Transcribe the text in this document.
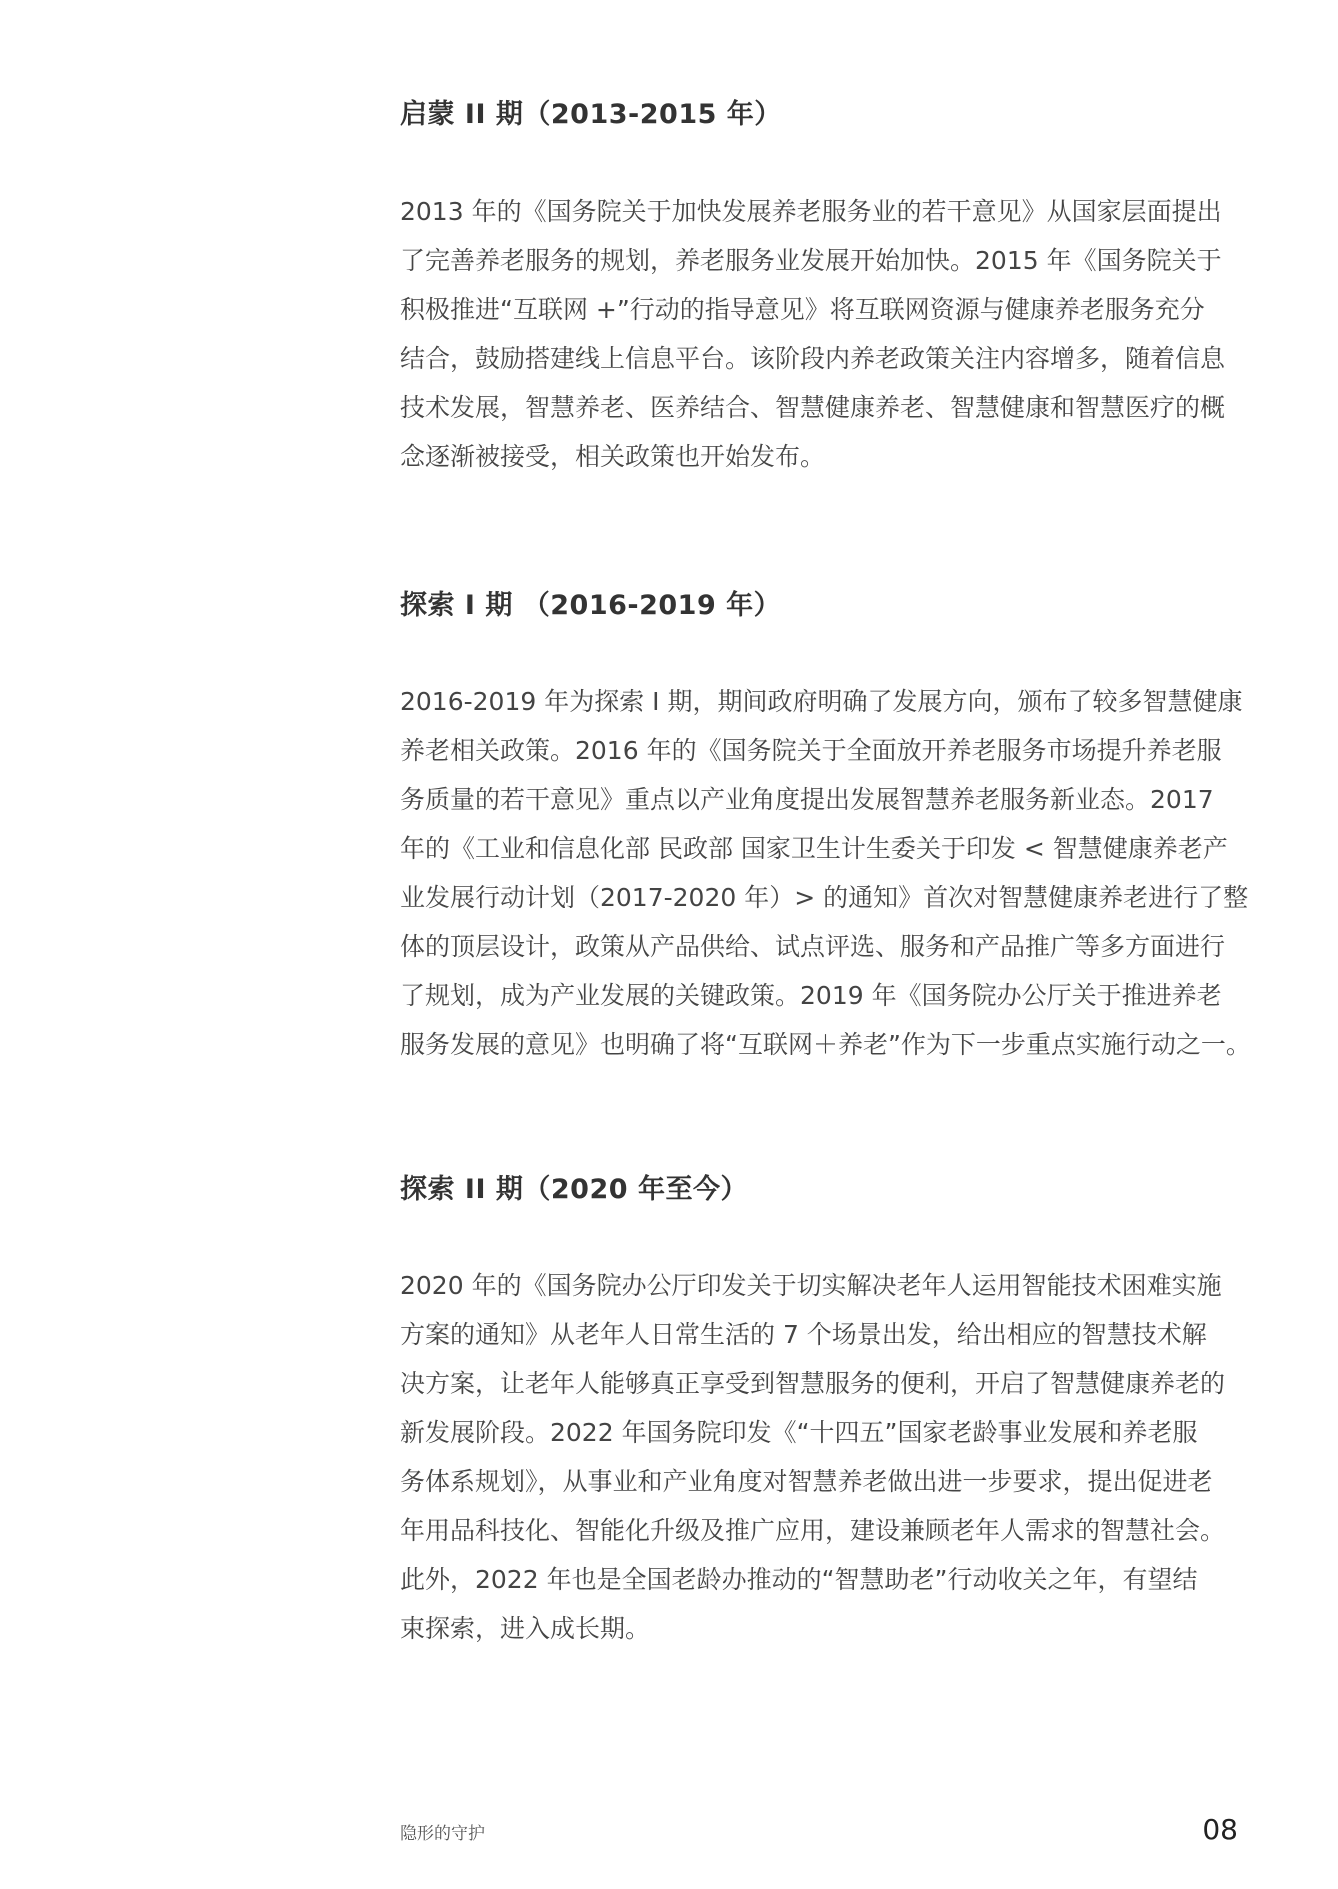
启蒙 II 期（2013-2015 年）
2013 年的《国务院关于加快发展养老服务业的若干意见》从国家层面提出
了完善养老服务的规划，养老服务业发展开始加快。2015 年《国务院关于
积极推进“互联网 +”行动的指导意见》将互联网资源与健康养老服务充分
结合，鼓励搭建线上信息平台。该阶段内养老政策关注内容增多，随着信息
技术发展，智慧养老、医养结合、智慧健康养老、智慧健康和智慧医疗的概
念逐渐被接受，相关政策也开始发布。
探索 I 期 （2016-2019 年）
2016-2019 年为探索 I 期，期间政府明确了发展方向，颁布了较多智慧健康
养老相关政策。2016 年的《国务院关于全面放开养老服务市场提升养老服
务质量的若干意见》重点以产业角度提出发展智慧养老服务新业态。2017
年的《工业和信息化部 民政部 国家卫生计生委关于印发 < 智慧健康养老产
业发展行动计划（2017-2020 年）> 的通知》首次对智慧健康养老进行了整
体的顶层设计，政策从产品供给、试点评选、服务和产品推广等多方面进行
了规划，成为产业发展的关键政策。2019 年《国务院办公厅关于推进养老
服务发展的意见》也明确了将“互联网＋养老”作为下一步重点实施行动之一。
探索 II 期（2020 年至今）
2020 年的《国务院办公厅印发关于切实解决老年人运用智能技术困难实施
方案的通知》从老年人日常生活的 7 个场景出发，给出相应的智慧技术解
决方案，让老年人能够真正享受到智慧服务的便利，开启了智慧健康养老的
新发展阶段。2022 年国务院印发《“十四五”国家老龄事业发展和养老服
务体系规划》，从事业和产业角度对智慧养老做出进一步要求，提出促进老
年用品科技化、智能化升级及推广应用，建设兼顾老年人需求的智慧社会。
此外，2022 年也是全国老龄办推动的“智慧助老”行动收关之年，有望结
束探索，进入成长期。
隐形的守护	08
